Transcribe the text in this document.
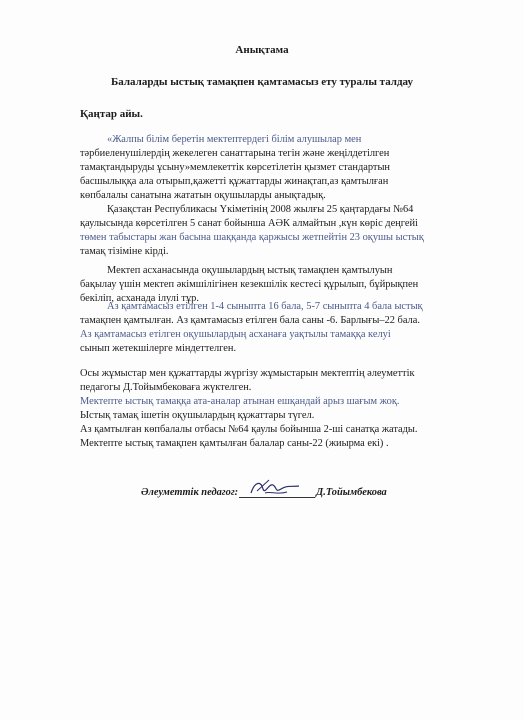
Анықтама

Балаларды ыстық тамақпен қамтамасыз ету туралы талдау

Қаңтар айы.

«Жалпы білім беретін мектептердегі білім алушылар мен

тәрбиеленушілердің жекелеген санаттарына тегін және жеңілдетілген

тамақтандыруды ұсыну»мемлекеттік көрсетілетін қызмет стандартын

басшылыққа ала отырып,қажетті құжаттарды жинақтап,аз қамтылған

көпбалалы санатына жататын оқушыларды анықтадық.

Қазақстан Республикасы Үкіметінің 2008 жылғы 25 қаңтардағы №64

қаулысында көрсетілген 5 санат бойынша АӘК алмайтын ,күн көріс деңгейі

төмен табыстары жан басына шаққанда қаржысы жетпейтін 23 оқушы ыстық

тамақ тізіміне кірді.

Мектеп асханасында оқушылардың ыстық тамақпен қамтылуын

бақылау үшін мектеп әкімшілігінен кезекшілік кестесі құрылып, бұйрықпен

бекіліп, асханада ілулі тұр.

Аз қамтамасыз етілген 1-4 сыныпта 16 бала, 5-7 сыныпта 4 бала ыстық

тамақпен қамтылған. Аз қамтамасыз етілген бала саны -6. Барлығы–22 бала.

Аз қамтамасыз етілген оқушылардың асханаға уақтылы тамаққа келуі

сынып жетекшілерге міндеттелген.

Осы жұмыстар мен құжаттарды жүргізу жұмыстарын мектептің әлеуметтік

педагогы Д.Тойымбековаға жүктелген.

Мектепте ыстық тамаққа ата-аналар атынан ешқандай арыз шағым жоқ.

Ыстық тамақ ішетін оқушылардың құжаттары түгел.

Аз қамтылған көпбалалы отбасы №64 қаулы бойынша 2-ші санатқа жатады.

Мектепте ыстық тамақпен қамтылған балалар саны-22 (жиырма екі) .

Әлеуметтік педагог:	Д.Тойымбекова
